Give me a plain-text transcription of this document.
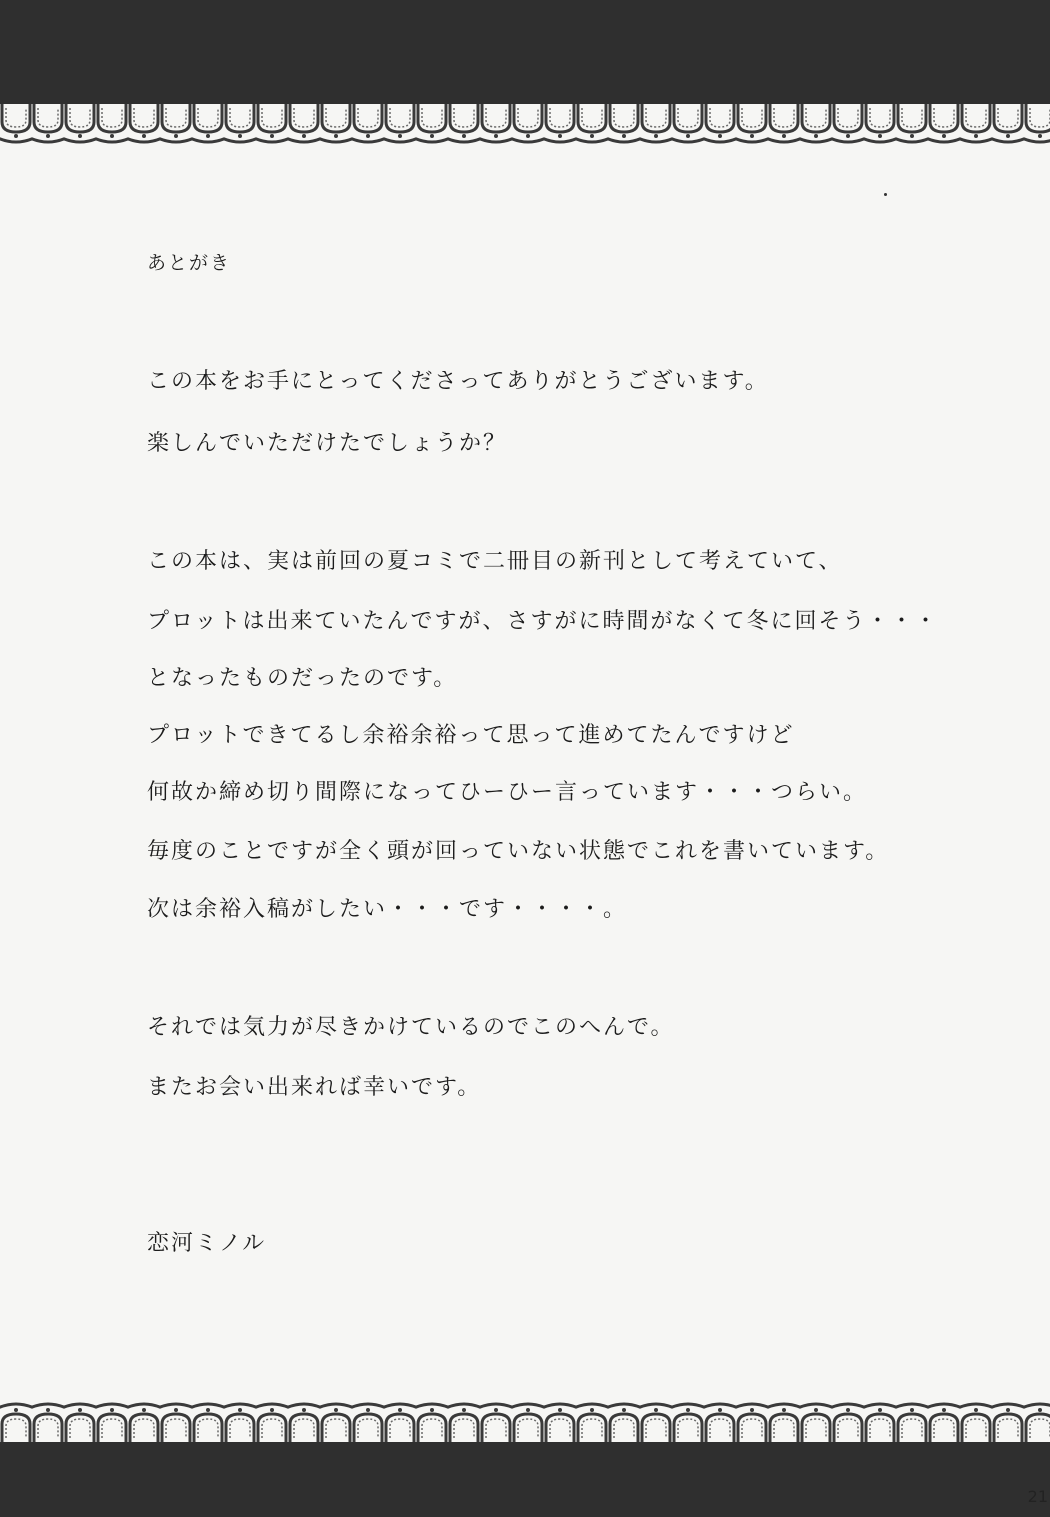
あとがき
この本をお手にとってくださってありがとうございます。
楽しんでいただけたでしょうか？
この本は、実は前回の夏コミで二冊目の新刊として考えていて、
プロットは出来ていたんですが、さすがに時間がなくて冬に回そう・・・
となったものだったのです。
プロットできてるし余裕余裕って思って進めてたんですけど
何故か締め切り間際になってひーひー言っています・・・つらい。
毎度のことですが全く頭が回っていない状態でこれを書いています。
次は余裕入稿がしたい・・・です・・・・。
それでは気力が尽きかけているのでこのへんで。
またお会い出来れば幸いです。
恋河ミノル
21
